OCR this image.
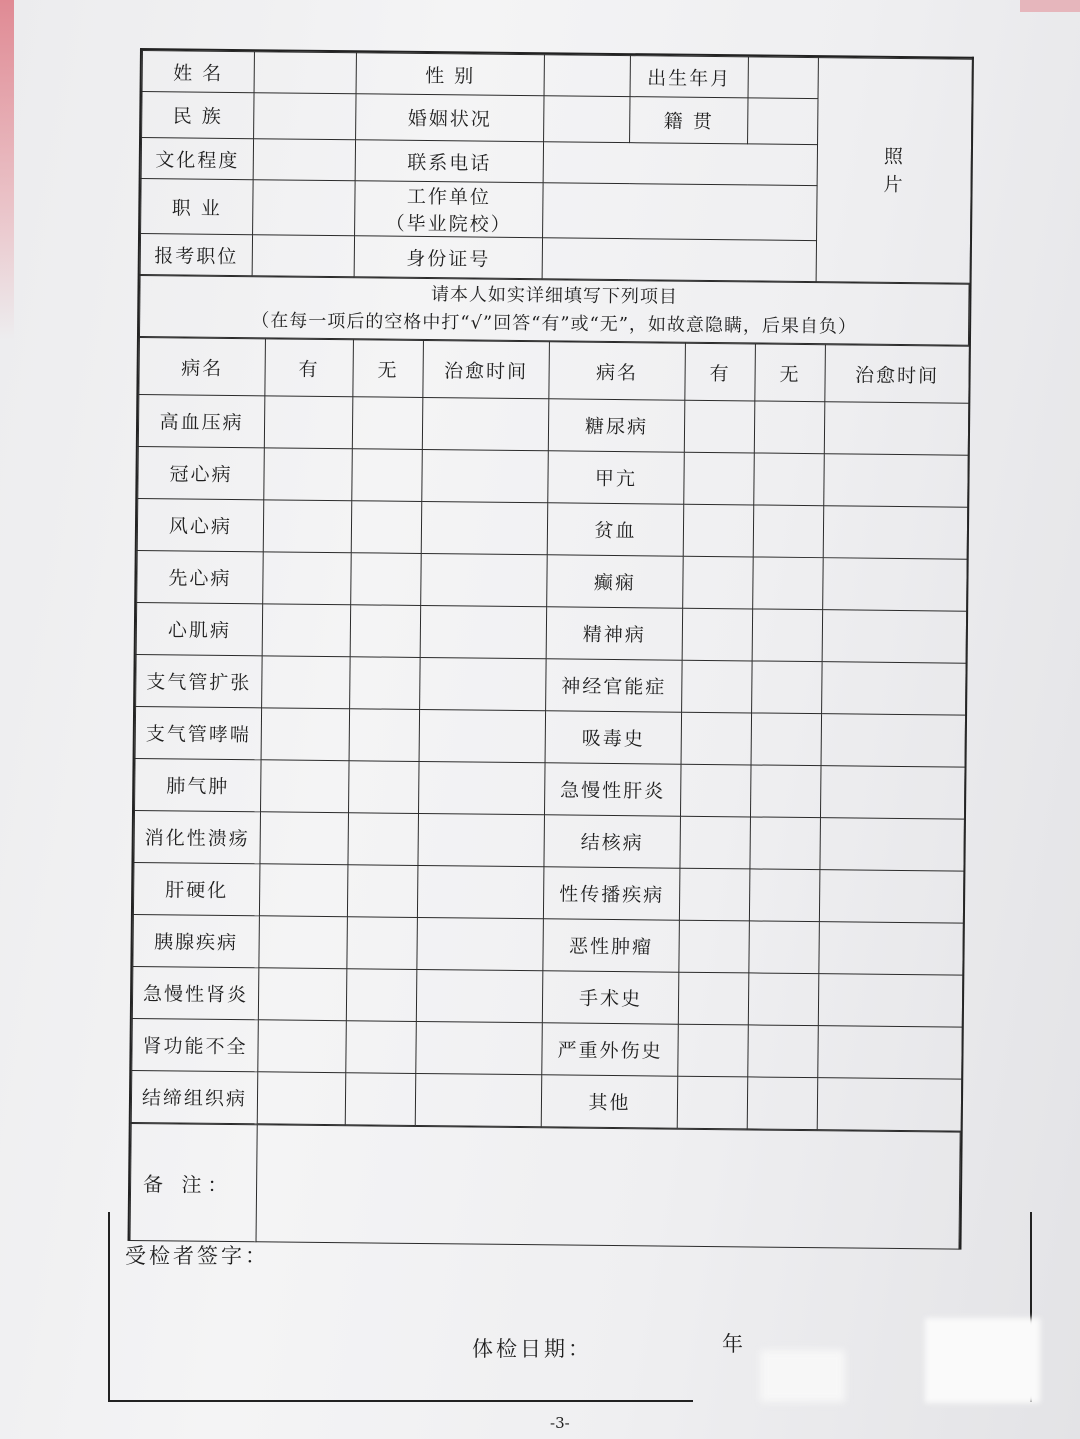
姓 名		性 别		出生年月		照
片

民 族		婚姻状况		籍 贯		
文化程度		联系电话				
职 业		工作单位
（毕业院校）				

报考职位		身份证号				
请本人如实详细填写下列项目
（在每一项后的空格中打“√”回答“有”或“无”，如故意隐瞒，后果自负）
病名	有	无	治愈时间	病名	有	无	治愈时间
高血压病				糖尿病			
冠心病				甲亢			
风心病				贫血			
先心病				癫痫			
心肌病				精神病			
支气管扩张				神经官能症			
支气管哮喘				吸毒史			
肺气肿				急慢性肝炎			
消化性溃疡				结核病			
肝硬化				性传播疾病			
胰腺疾病				恶性肿瘤			
急慢性肾炎				手术史			
肾功能不全				严重外伤史			
结缔组织病				其他			
备 注：	
受检者签字：
体检日期：	年
-3-
